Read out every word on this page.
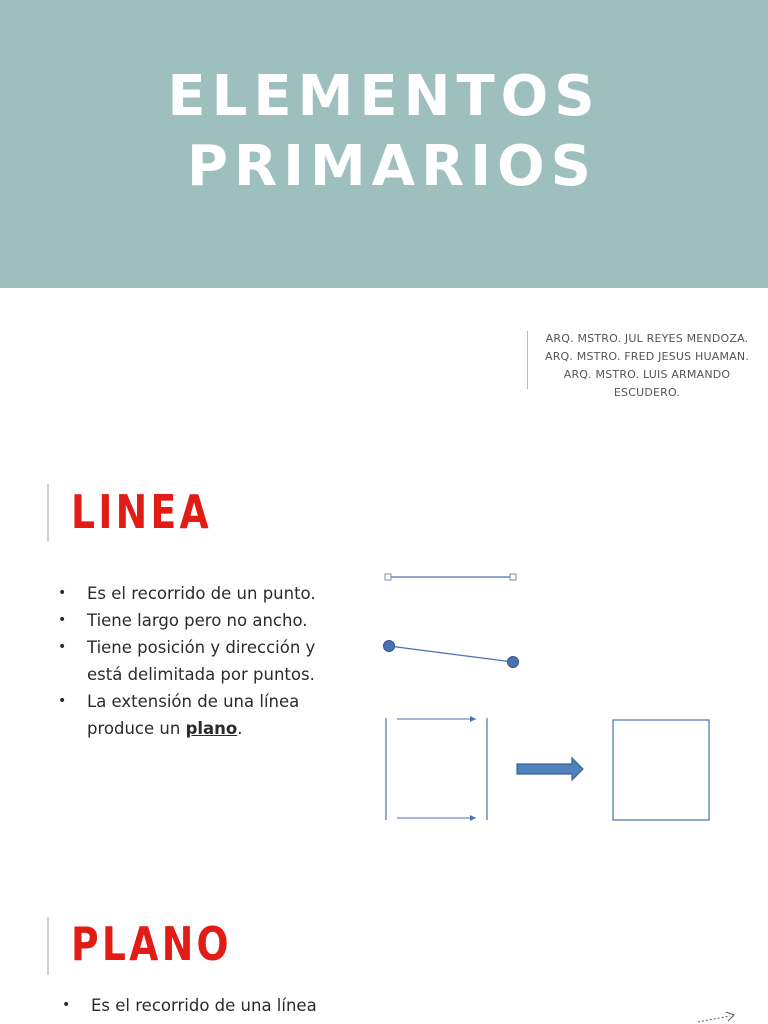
ELEMENTOS
PRIMARIOS
ARQ. MSTRO. JUL REYES MENDOZA.
ARQ. MSTRO. FRED JESUS HUAMAN.
ARQ. MSTRO. LUIS ARMANDO
ESCUDERO.
LINEA
• Es el recorrido de un punto.
• Tiene largo pero no ancho.
• Tiene posición y dirección y está delimitada por puntos.
• La extensión de una línea produce un plano.
PLANO
• Es el recorrido de una línea
